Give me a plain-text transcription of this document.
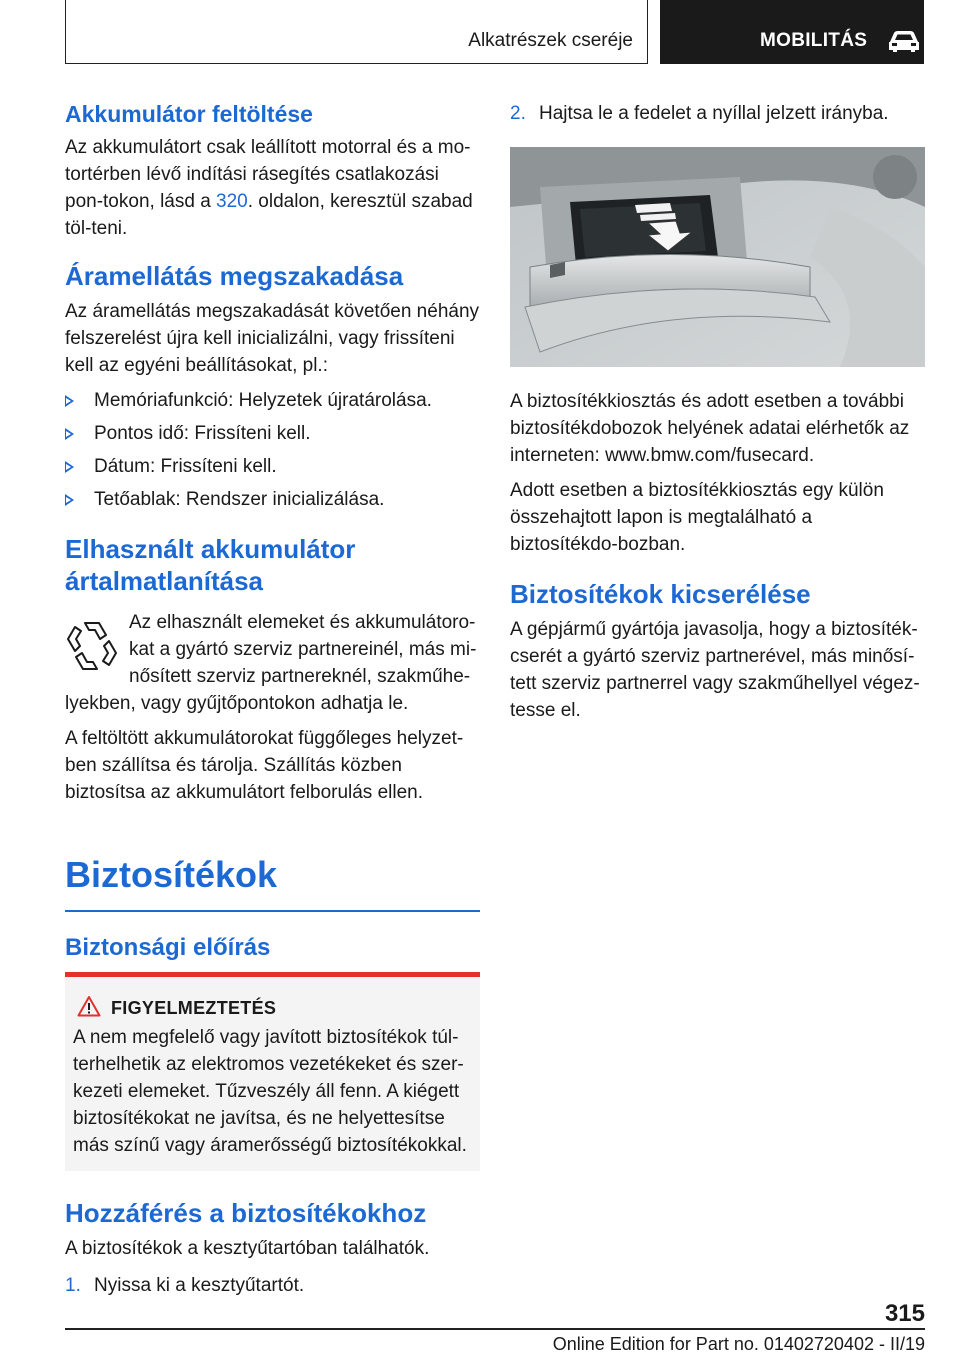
Alkatrészek cseréje	MOBILITÁS
Akkumulátor feltöltése

Az akkumulátort csak leállított motorral és a mo-tortérben lévő indítási rásegítés csatlakozási pon-tokon, lásd a 320. oldalon, keresztül szabad töl-teni.

Áramellátás megszakadása

Az áramellátás megszakadását követően néhány felszerelést újra kell inicializálni, vagy frissíteni kell az egyéni beállításokat, pl.:

Memóriafunkció: Helyzetek újratárolása.
Pontos idő: Frissíteni kell.
Dátum: Frissíteni kell.
Tetőablak: Rendszer inicializálása.
Elhasznált akkumulátor ártalmatlanítása

Az elhasznált elemeket és akkumulátoro-kat a gyártó szerviz partnereinél, más mi-nősített szerviz partnereknél, szakműhe-lyekben, vagy gyűjtőpontokon adhatja le.

A feltöltött akkumulátorokat függőleges helyzet-ben szállítsa és tárolja. Szállítás közben biztosítsa az akkumulátort felborulás ellen.

Biztosítékok
Biztonsági előírás
FIGYELMEZTETÉS

A nem megfelelő vagy javított biztosítékok túl-terhelhetik az elektromos vezetékeket és szer-kezeti elemeket. Tűzveszély áll fenn. A kiégett biztosítékokat ne javítsa, és ne helyettesítse más színű vagy áramerősségű biztosítékokkal.

Hozzáférés a biztosítékokhoz

A biztosítékok a kesztyűtartóban találhatók.

1. Nyissa ki a kesztyűtartót.
2. Hajtsa le a fedelet a nyíllal jelzett irányba.

A biztosítékkiosztás és adott esetben a további biztosítékdobozok helyének adatai elérhetők az interneten: www.bmw.com/fusecard.

Adott esetben a biztosítékkiosztás egy külön összehajtott lapon is megtalálható a biztosítékdo-bozban.

Biztosítékok kicserélése

A gépjármű gyártója javasolja, hogy a biztosíték-cserét a gyártó szerviz partnerével, más minősí-tett szerviz partnerrel vagy szakműhellyel végez-tesse el.

315
Online Edition for Part no. 01402720402 - II/19
